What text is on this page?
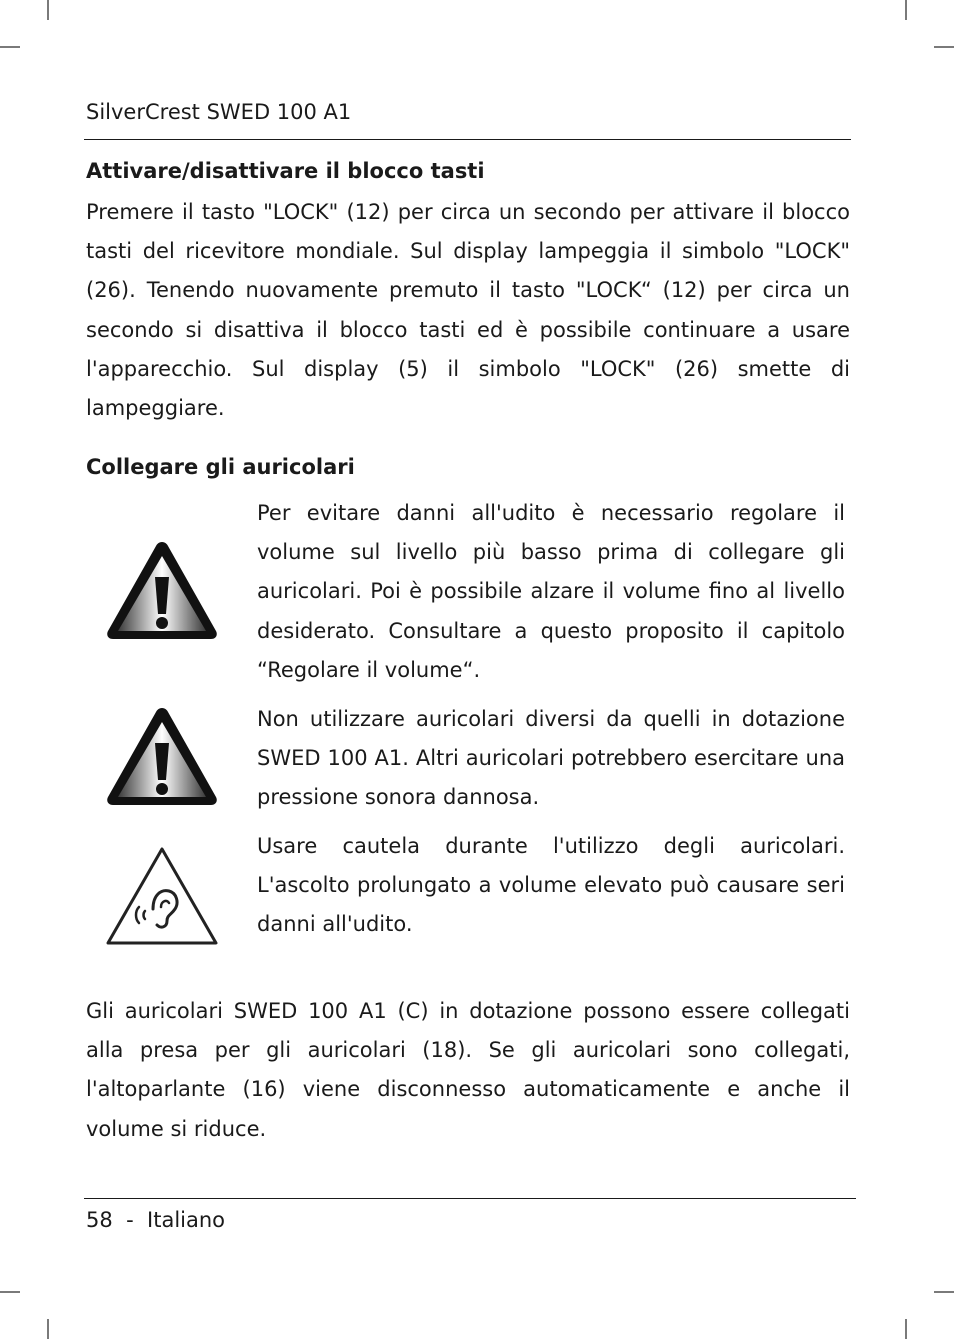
SilverCrest SWED 100 A1
Attivare/disattivare il blocco tasti

Premere il tasto "LOCK" (12) per circa un secondo per attivare il blocco tasti del ricevitore mondiale. Sul display lampeggia il simbolo "LOCK" (26). Tenendo nuovamente premuto il tasto "LOCK“ (12) per circa un secondo si disattiva il blocco tasti ed è possibile continuare a usare l'apparecchio. Sul display (5) il simbolo "LOCK" (26) smette di lampeggiare.

Collegare gli auricolari

Per evitare danni all'udito è necessario regolare il volume sul livello più basso prima di collegare gli auricolari. Poi è possibile alzare il volume fino al livello desiderato. Consultare a questo proposito il capitolo “Regolare il volume“.

Non utilizzare auricolari diversi da quelli in dotazione SWED 100 A1. Altri auricolari potrebbero esercitare una pressione sonora dannosa.

Usare cautela durante l'utilizzo degli auricolari. L'ascolto prolungato a volume elevato può causare seri danni all'udito.

Gli auricolari SWED 100 A1 (C) in dotazione possono essere collegati alla presa per gli auricolari (18). Se gli auricolari sono collegati, l'altoparlante (16) viene disconnesso automaticamente e anche il volume si riduce.

58 - Italiano
